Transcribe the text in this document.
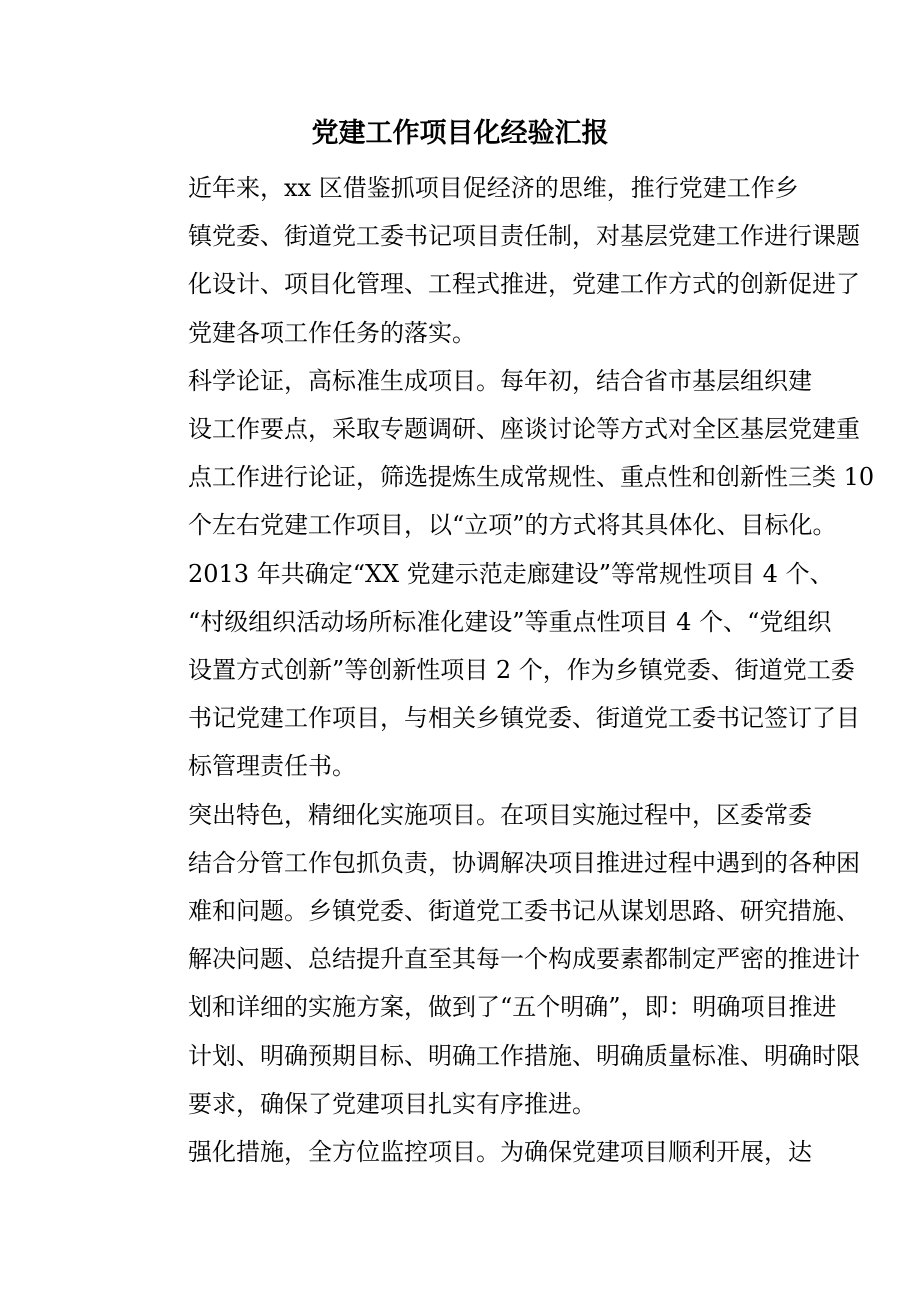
党建工作项目化经验汇报

近年来，xx 区借鉴抓项目促经济的思维，推行党建工作乡
镇党委、街道党工委书记项目责任制，对基层党建工作进行课题
化设计、项目化管理、工程式推进，党建工作方式的创新促进了
党建各项工作任务的落实。

科学论证，高标准生成项目。每年初，结合省市基层组织建
设工作要点，采取专题调研、座谈讨论等方式对全区基层党建重
点工作进行论证，筛选提炼生成常规性、重点性和创新性三类 10
个左右党建工作项目，以“立项”的方式将其具体化、目标化。
2013 年共确定“XX 党建示范走廊建设”等常规性项目 4 个、
“村级组织活动场所标准化建设”等重点性项目 4 个、“党组织
设置方式创新”等创新性项目 2 个，作为乡镇党委、街道党工委
书记党建工作项目，与相关乡镇党委、街道党工委书记签订了目
标管理责任书。

突出特色，精细化实施项目。在项目实施过程中，区委常委
结合分管工作包抓负责，协调解决项目推进过程中遇到的各种困
难和问题。乡镇党委、街道党工委书记从谋划思路、研究措施、
解决问题、总结提升直至其每一个构成要素都制定严密的推进计
划和详细的实施方案，做到了“五个明确”，即：明确项目推进
计划、明确预期目标、明确工作措施、明确质量标准、明确时限
要求，确保了党建项目扎实有序推进。

强化措施，全方位监控项目。为确保党建项目顺利开展，达
